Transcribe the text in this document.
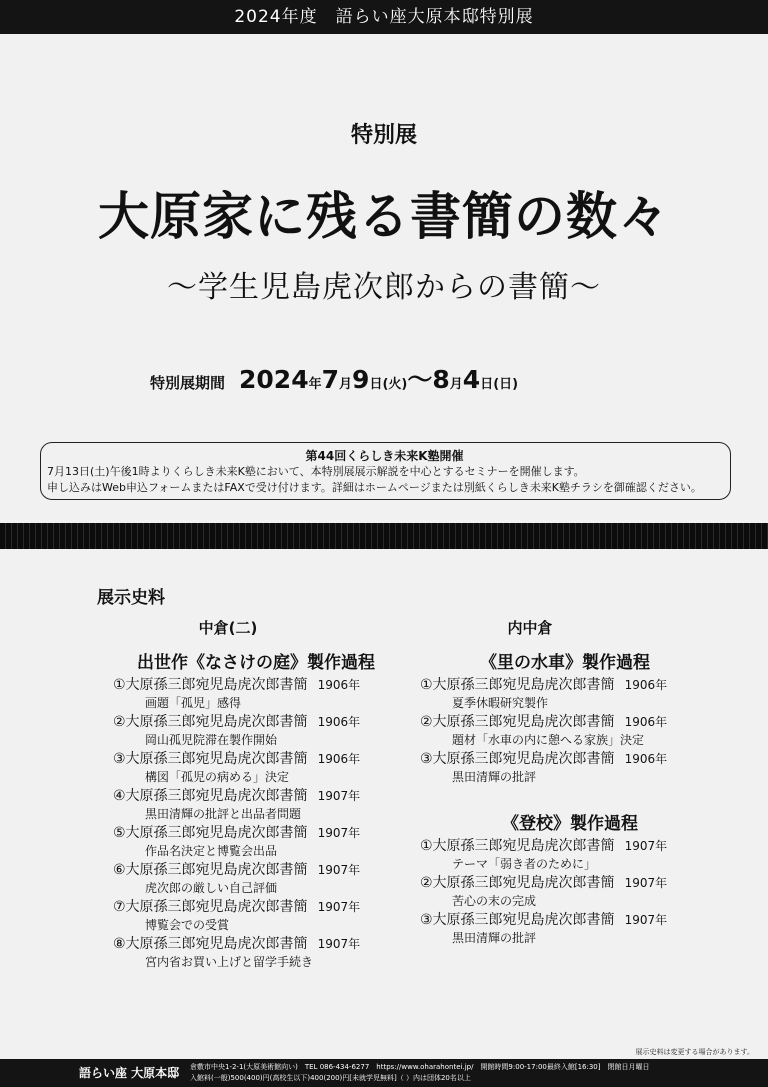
2024年度　語らい座大原本邸特別展
特別展
大原家に残る書簡の数々
～学生児島虎次郎からの書簡～
特別展期間 2024年7月9日(火)～8月4日(日)
第44回くらしき未来K塾開催
7月13日(土)午後1時よりくらしき未来K塾において、本特別展展示解説を中心とするセミナーを開催します。
申し込みはWeb申込フォームまたはFAXで受け付けます。詳細はホームページまたは別紙くらしき未来K塾チラシを御確認ください。
展示史料
中倉(二)
出世作《なさけの庭》製作過程
①大原孫三郎宛児島虎次郎書簡 1906年
画題「孤児」感得
②大原孫三郎宛児島虎次郎書簡 1906年
岡山孤児院滞在製作開始
③大原孫三郎宛児島虎次郎書簡 1906年
構図「孤児の病める」決定
④大原孫三郎宛児島虎次郎書簡 1907年
黒田清輝の批評と出品者問題
⑤大原孫三郎宛児島虎次郎書簡 1907年
作品名決定と博覧会出品
⑥大原孫三郎宛児島虎次郎書簡 1907年
虎次郎の厳しい自己評価
⑦大原孫三郎宛児島虎次郎書簡 1907年
博覧会での受賞
⑧大原孫三郎宛児島虎次郎書簡 1907年
宮内省お買い上げと留学手続き
内中倉
《里の水車》製作過程
①大原孫三郎宛児島虎次郎書簡 1906年
夏季休暇研究製作
②大原孫三郎宛児島虎次郎書簡 1906年
題材「水車の内に憩へる家族」決定
③大原孫三郎宛児島虎次郎書簡 1906年
黒田清輝の批評
《登校》製作過程
①大原孫三郎宛児島虎次郎書簡 1907年
テーマ「弱き者のために」
②大原孫三郎宛児島虎次郎書簡 1907年
苦心の末の完成
③大原孫三郎宛児島虎次郎書簡 1907年
黒田清輝の批評
展示史料は変更する場合があります。
語らい座 大原本邸 倉敷市中央1-2-1(大原美術館向い)　TEL 086-434-6277　https://www.oharahontei.jp/　開館時間9:00-17:00最終入館[16:30]　閉館日月曜日
入館料(一般)500(400)円(高校生以下)400(200)円[未就学児無料]（ ）内は団体20名以上
